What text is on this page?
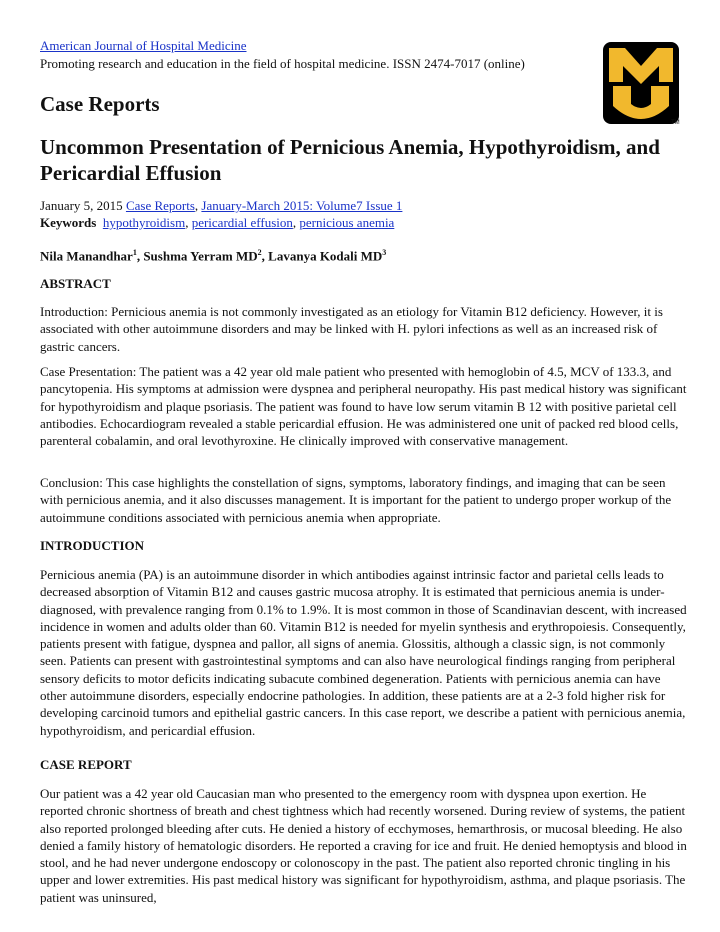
American Journal of Hospital Medicine
Promoting research and education in the field of hospital medicine. ISSN 2474-7017 (online)
TM
Case Reports
Uncommon Presentation of Pernicious Anemia, Hypothyroidism, and Pericardial Effusion
January 5, 2015 Case Reports, January-March 2015: Volume7 Issue 1
Keywords hypothyroidism, pericardial effusion, pernicious anemia
Nila Manandhar$^1$, Sushma Yerram $MD^2$, Lavanya Kodali $MD^3$
ABSTRACT

Introduction: Pernicious anemia is not commonly investigated as an etiology for Vitamin B12 deficiency. However, it is associated with other autoimmune disorders and may be linked with H. pylori infections as well as an increased risk of gastric cancers.

Case Presentation: The patient was a 42 year old male patient who presented with hemoglobin of 4.5, MCV of 133.3, and pancytopenia. His symptoms at admission were dyspnea and peripheral neuropathy. His past medical history was significant for hypothyroidism and plaque psoriasis. The patient was found to have low serum vitamin B 12 with positive parietal cell antibodies. Echocardiogram revealed a stable pericardial effusion. He was administered one unit of packed red blood cells, parenteral cobalamin, and oral levothyroxine. He clinically improved with conservative management.

Conclusion: This case highlights the constellation of signs, symptoms, laboratory findings, and imaging that can be seen with pernicious anemia, and it also discusses management. It is important for the patient to undergo proper workup of the autoimmune conditions associated with pernicious anemia when appropriate.

INTRODUCTION

Pernicious anemia (PA) is an autoimmune disorder in which antibodies against intrinsic factor and parietal cells leads to decreased absorption of Vitamin B12 and causes gastric mucosa atrophy. It is estimated that pernicious anemia is under-diagnosed, with prevalence ranging from 0.1% to 1.9%. It is most common in those of Scandinavian descent, with increased incidence in women and adults older than 60. Vitamin B12 is needed for myelin synthesis and erythropoiesis. Consequently, patients present with fatigue, dyspnea and pallor, all signs of anemia. Glossitis, although a classic sign, is not commonly seen. Patients can present with gastrointestinal symptoms and can also have neurological findings ranging from peripheral sensory deficits to motor deficits indicating subacute combined degeneration. Patients with pernicious anemia can have other autoimmune disorders, especially endocrine pathologies. In addition, these patients are at a 2-3 fold higher risk for developing carcinoid tumors and epithelial gastric cancers. In this case report, we describe a patient with pernicious anemia, hypothyroidism, and pericardial effusion.

CASE REPORT

Our patient was a 42 year old Caucasian man who presented to the emergency room with dyspnea upon exertion. He reported chronic shortness of breath and chest tightness which had recently worsened. During review of systems, the patient also reported prolonged bleeding after cuts. He denied a history of ecchymoses, hemarthrosis, or mucosal bleeding. He also denied a family history of hematologic disorders. He reported a craving for ice and fruit. He denied hemoptysis and blood in stool, and he had never undergone endoscopy or colonoscopy in the past. The patient also reported chronic tingling in his upper and lower extremities. His past medical history was significant for hypothyroidism, asthma, and plaque psoriasis. The patient was uninsured,
